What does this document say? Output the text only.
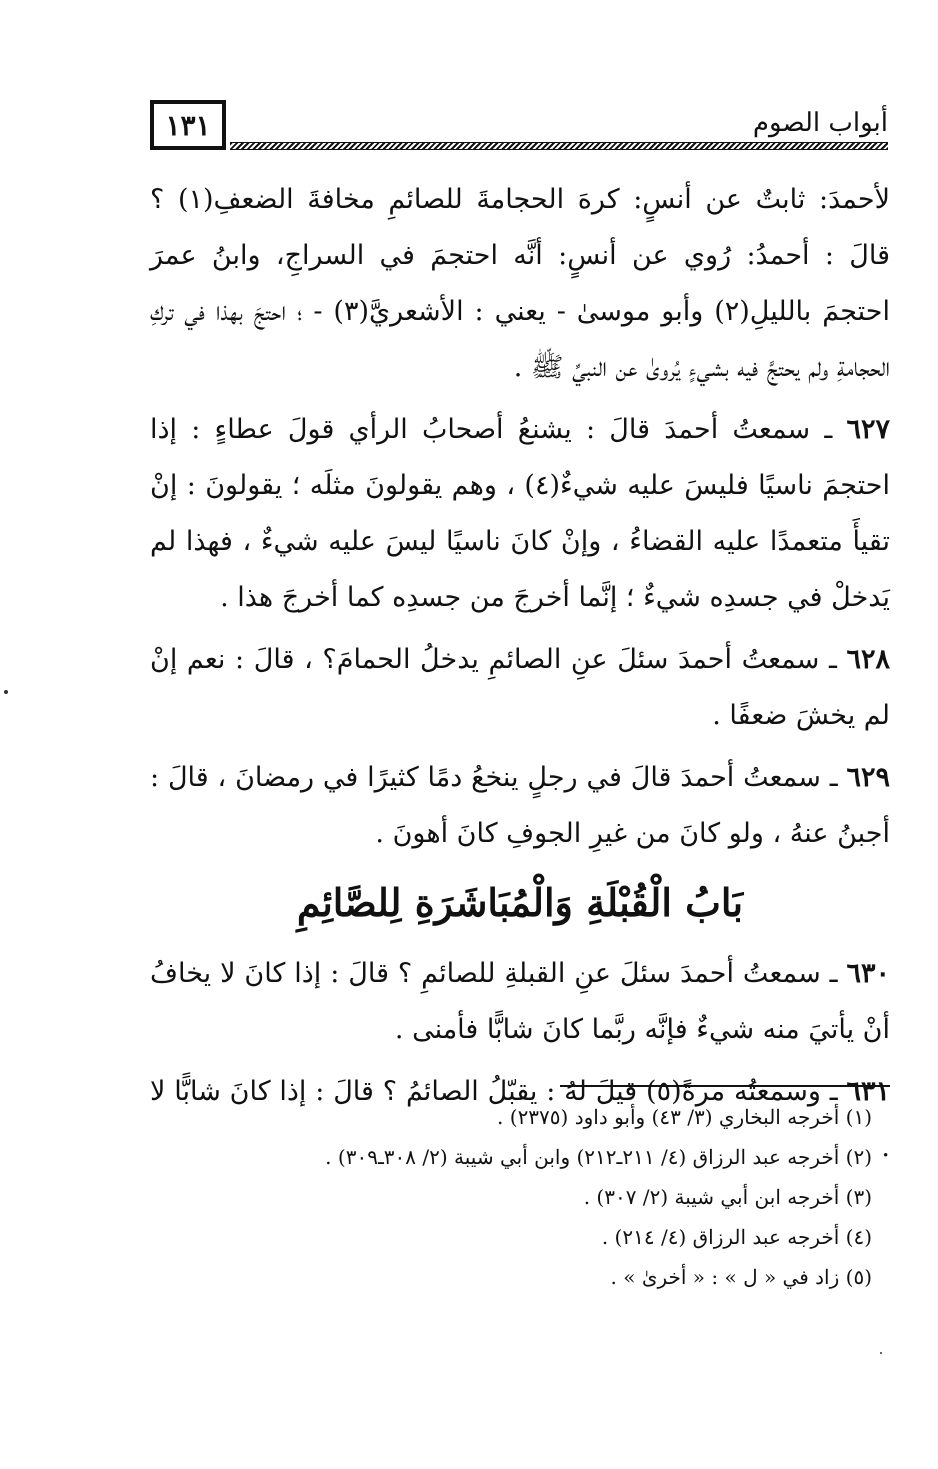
أبواب الصوم
١٣١

لأحمدَ: ثابتٌ عن أنسٍ: كرهَ الحجامةَ للصائمِ مخافةَ الضعفِ(١) ؟ قالَ : أحمدُ: رُوي عن أنسٍ: أنَّه احتجمَ في السراجِ، وابنُ عمرَ احتجمَ بالليلِ(٢) وأبو موسىٰ - يعني : الأشعريَّ(٣) - ؛ احتجَ بهذا في تركِ الحجامةِ ولم يحتجَّ فيه بشيءٍ يُروىٰ عن النبيِّ ﷺ .

٦٢٧ ـ سمعتُ أحمدَ قالَ : يشنعُ أصحابُ الرأي قولَ عطاءٍ : إذا احتجمَ ناسيًا فليسَ عليه شيءٌ(٤) ، وهم يقولونَ مثلَه ؛ يقولونَ : إنْ تقيأَ متعمدًا عليه القضاءُ ، وإنْ كانَ ناسيًا ليسَ عليه شيءٌ ، فهذا لم يَدخلْ في جسدِه شيءٌ ؛ إنَّما أخرجَ من جسدِه كما أخرجَ هذا .

٦٢٨ ـ سمعتُ أحمدَ سئلَ عنِ الصائمِ يدخلُ الحمامَ؟ ، قالَ : نعم إنْ لم يخشَ ضعفًا .

٦٢٩ ـ سمعتُ أحمدَ قالَ في رجلٍ ينخعُ دمًا كثيرًا في رمضانَ ، قالَ : أجبنُ عنهُ ، ولو كانَ من غيرِ الجوفِ كانَ أهونَ .

بَابُ الْقُبْلَةِ وَالْمُبَاشَرَةِ لِلصَّائِمِ

٦٣٠ ـ سمعتُ أحمدَ سئلَ عنِ القبلةِ للصائمِ ؟ قالَ : إذا كانَ لا يخافُ أنْ يأتيَ منه شيءٌ فإنَّه ربَّما كانَ شابًّا فأمنى .

٦٣١ ـ وسمعتُه مرةً(٥) قيلَ لهُ : يقبّلُ الصائمُ ؟ قالَ : إذا كانَ شابًّا لا .

(١) أخرجه البخاري (٣/ ٤٣) وأبو داود (٢٣٧٥) .
(٢) أخرجه عبد الرزاق (٤/ ٢١١ـ٢١٢) وابن أبي شيبة (٢/ ٣٠٨ـ٣٠٩) .
(٣) أخرجه ابن أبي شيبة (٢/ ٣٠٧) .
(٤) أخرجه عبد الرزاق (٤/ ٢١٤) .
(٥) زاد في « ل » : « أخرىٰ » .
